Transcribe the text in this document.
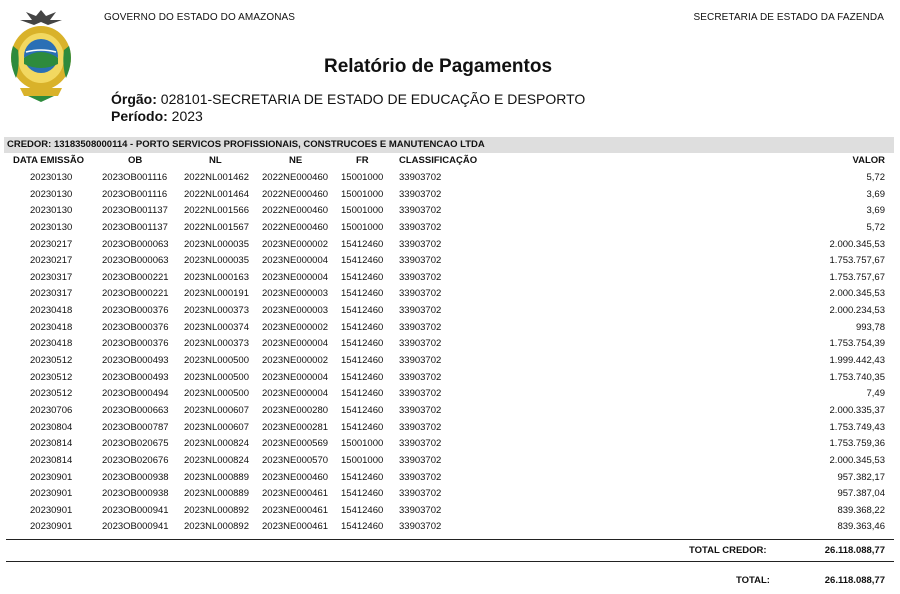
GOVERNO DO ESTADO DO AMAZONAS	SECRETARIA DE ESTADO DA FAZENDA
Relatório de Pagamentos
Órgão: 028101-SECRETARIA DE ESTADO DE EDUCAÇÃO E DESPORTO
Período: 2023
CREDOR: 13183508000114 - PORTO SERVICOS PROFISSIONAIS, CONSTRUCOES E MANUTENCAO LTDA
DATA EMISSÃO	OB	NL	NE	FR	CLASSIFICAÇÃO	VALOR
20230130	2023OB001116 2022NL001462 2022NE000460 15001000 33903702	5,72
20230130	2023OB001116 2022NL001464 2022NE000460 15001000 33903702	3,69
20230130	2023OB001137 2022NL001566 2022NE000460 15001000 33903702	3,69
20230130	2023OB001137 2022NL001567 2022NE000460 15001000 33903702	5,72
20230217	2023OB000063 2023NL000035 2023NE000002 15412460 33903702	2.000.345,53
20230217	2023OB000063 2023NL000035 2023NE000004 15412460 33903702	1.753.757,67
20230317	2023OB000221 2023NL000163 2023NE000004 15412460 33903702	1.753.757,67
20230317	2023OB000221 2023NL000191 2023NE000003 15412460 33903702	2.000.345,53
20230418	2023OB000376 2023NL000373 2023NE000003 15412460 33903702	2.000.234,53
20230418	2023OB000376 2023NL000374 2023NE000002 15412460 33903702	993,78
20230418	2023OB000376 2023NL000373 2023NE000004 15412460 33903702	1.753.754,39
20230512	2023OB000493 2023NL000500 2023NE000002 15412460 33903702	1.999.442,43
20230512	2023OB000493 2023NL000500 2023NE000004 15412460 33903702	1.753.740,35
20230512	2023OB000494 2023NL000500 2023NE000004 15412460 33903702	7,49
20230706	2023OB000663 2023NL000607 2023NE000280 15412460 33903702	2.000.335,37
20230804	2023OB000787 2023NL000607 2023NE000281 15412460 33903702	1.753.749,43
20230814	2023OB020675 2023NL000824 2023NE000569 15001000 33903702	1.753.759,36
20230814	2023OB020676 2023NL000824 2023NE000570 15001000 33903702	2.000.345,53
20230901	2023OB000938 2023NL000889 2023NE000460 15412460 33903702	957.382,17
20230901	2023OB000938 2023NL000889 2023NE000461 15412460 33903702	957.387,04
20230901	2023OB000941 2023NL000892 2023NE000461 15412460 33903702	839.368,22
20230901	2023OB000941 2023NL000892 2023NE000461 15412460 33903702	839.363,46
TOTAL CREDOR:	26.118.088,77
TOTAL:	26.118.088,77
